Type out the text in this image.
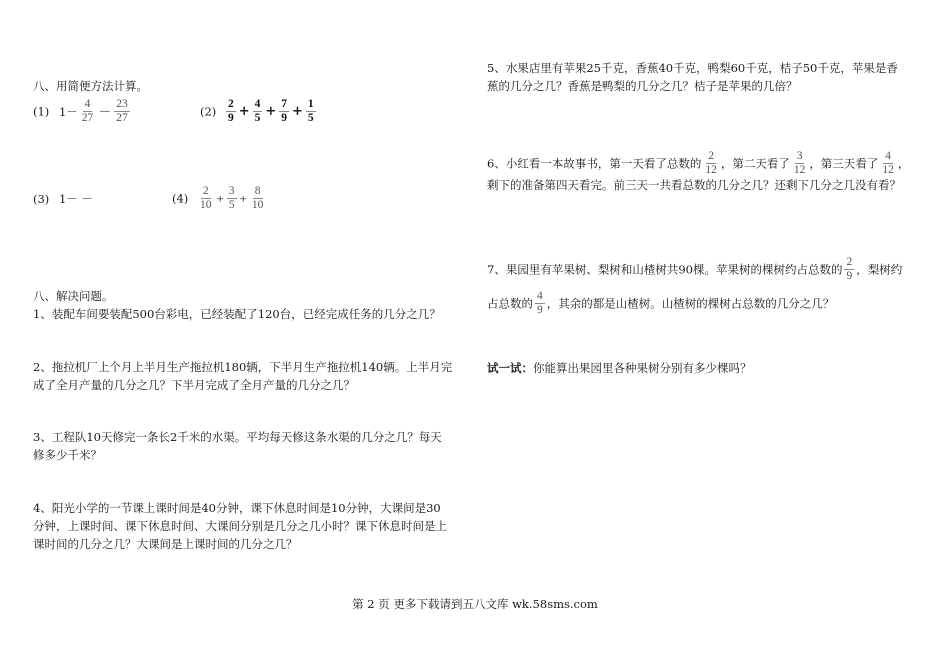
八、用简便方法计算。
(1) $1- \frac{4}{27} - \frac{23}{27}$	$(2) \frac{2}{9} + \frac{4}{5} + \frac{7}{9} + \frac{1}{5}$
(3) 1－ －	$(4) \frac{2}{10} + \frac{3}{5} + \frac{8}{10}$
八、解决问题。
1、装配车间要装配500台彩电，已经装配了120台，已经完成任务的几分之几？
2、拖拉机厂上个月上半月生产拖拉机180辆，下半月生产拖拉机140辆。上半月完
成了全月产量的几分之几？下半月完成了全月产量的几分之几？
3、工程队10天修完一条长2千米的水渠。平均每天修这条水渠的几分之几？每天
修多少千米？
4、阳光小学的一节课上课时间是40分钟，课下休息时间是10分钟，大课间是30
分钟，上课时间、课下休息时间、大课间分别是几分之几小时？课下休息时间是上
课时间的几分之几？大课间是上课时间的几分之几？
5、水果店里有苹果25千克，香蕉40千克，鸭梨60千克，桔子50千克，苹果是香
蕉的几分之几？香蕉是鸭梨的几分之几？桔子是苹果的几倍？
6、小红看一本故事书，第一天看了总数的 $\frac{2}{12}$ ，第二天看了 $\frac{3}{12}$ ，第三天看了 $\frac{4}{12}$ ，
剩下的准备第四天看完。前三天一共看总数的几分之几？还剩下几分之几没有看？
7、果园里有苹果树、梨树和山楂树共90棵。苹果树的棵树约占总数的 $\frac{2}{9}$ ，梨树约
占总数的 $\frac{4}{9}$ ，其余的都是山楂树。山楂树的棵树占总数的几分之几？
试一试：你能算出果园里各种果树分别有多少棵吗？
第 2 页 更多下载请到五八文库 wk.58sms.com
